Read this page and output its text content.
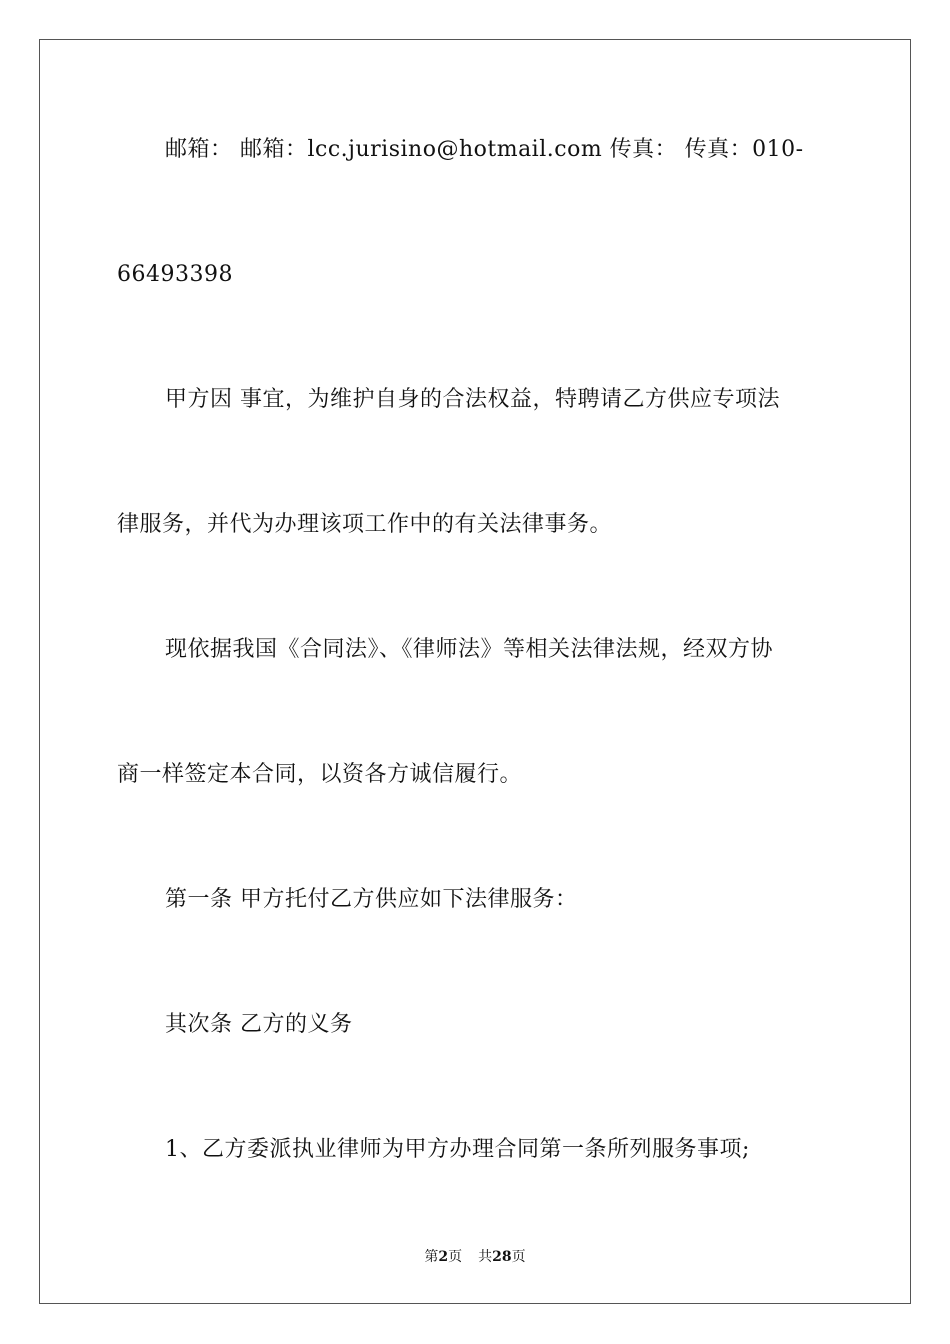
邮箱： 邮箱：lcc.jurisino@hotmail.com 传真： 传真：010-
66493398
甲方因 事宜，为维护自身的合法权益，特聘请乙方供应专项法
律服务，并代为办理该项工作中的有关法律事务。
现依据我国《合同法》、《律师法》等相关法律法规，经双方协
商一样签定本合同，以资各方诚信履行。
第一条 甲方托付乙方供应如下法律服务：
其次条 乙方的义务
1、乙方委派执业律师为甲方办理合同第一条所列服务事项;
第2页 共28页
